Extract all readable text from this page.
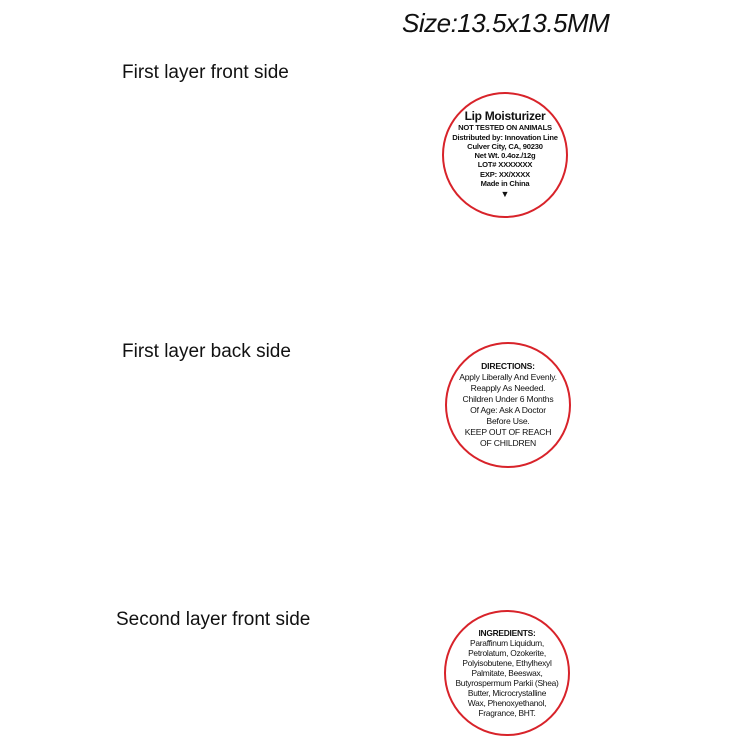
Size:13.5x13.5MM
First layer front side
First layer back side
Second layer front side
Lip Moisturizer
NOT TESTED ON ANIMALS
Distributed by: Innovation Line
Culver City, CA, 90230
Net Wt. 0.4oz./12g
LOT# XXXXXXX
EXP: XX/XXXX
Made in China
▼
DIRECTIONS:
Apply Liberally And Evenly.
Reapply As Needed.
Children Under 6 Months
Of Age: Ask A Doctor
Before Use.
KEEP OUT OF REACH
OF CHILDREN
INGREDIENTS:
Paraffinum Liquidum,
Petrolatum, Ozokerite,
Polyisobutene, Ethylhexyl
Palmitate, Beeswax,
Butyrospermum Parkii (Shea)
Butter, Microcrystalline
Wax, Phenoxyethanol,
Fragrance, BHT.
